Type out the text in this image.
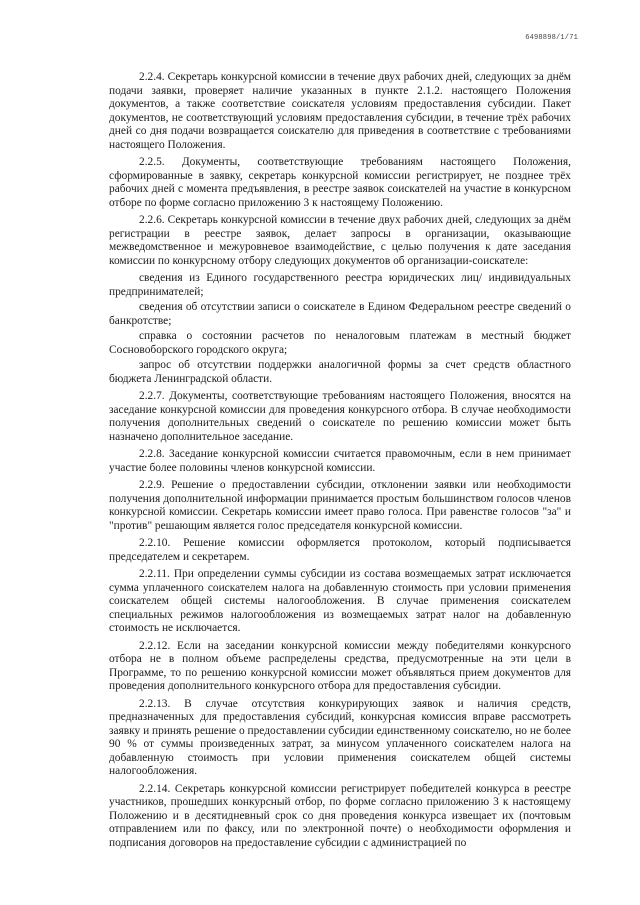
6498898/1/71

2.2.4. Секретарь конкурсной комиссии в течение двух рабочих дней, следующих за днём подачи заявки, проверяет наличие указанных в пункте 2.1.2. настоящего Положения документов, а также соответствие соискателя условиям предоставления субсидии. Пакет документов, не соответствующий условиям предоставления субсидии, в течение трёх рабочих дней со дня подачи возвращается соискателю для приведения в соответствие с требованиями настоящего Положения.

2.2.5. Документы, соответствующие требованиям настоящего Положения, сформированные в заявку, секретарь конкурсной комиссии регистрирует, не позднее трёх рабочих дней с момента предъявления, в реестре заявок соискателей на участие в конкурсном отборе по форме согласно приложению 3 к настоящему Положению.

2.2.6. Секретарь конкурсной комиссии в течение двух рабочих дней, следующих за днём регистрации в реестре заявок, делает запросы в организации, оказывающие межведомственное и межуровневое взаимодействие, с целью получения к дате заседания комиссии по конкурсному отбору следующих документов об организации-соискателе:

сведения из Единого государственного реестра юридических лиц/ индивидуальных предпринимателей;

сведения об отсутствии записи о соискателе в Едином Федеральном реестре сведений о банкротстве;

справка о состоянии расчетов по неналоговым платежам в местный бюджет Сосновоборского городского округа;

запрос об отсутствии поддержки аналогичной формы за счет средств областного бюджета Ленинградской области.

2.2.7. Документы, соответствующие требованиям настоящего Положения, вносятся на заседание конкурсной комиссии для проведения конкурсного отбора. В случае необходимости получения дополнительных сведений о соискателе по решению комиссии может быть назначено дополнительное заседание.

2.2.8. Заседание конкурсной комиссии считается правомочным, если в нем принимает участие более половины членов конкурсной комиссии.

2.2.9. Решение о предоставлении субсидии, отклонении заявки или необходимости получения дополнительной информации принимается простым большинством голосов членов конкурсной комиссии. Секретарь комиссии имеет право голоса. При равенстве голосов "за" и "против" решающим является голос председателя конкурсной комиссии.

2.2.10. Решение комиссии оформляется протоколом, который подписывается председателем и секретарем.

2.2.11. При определении суммы субсидии из состава возмещаемых затрат исключается сумма уплаченного соискателем налога на добавленную стоимость при условии применения соискателем общей системы налогообложения. В случае применения соискателем специальных режимов налогообложения из возмещаемых затрат налог на добавленную стоимость не исключается.

2.2.12. Если на заседании конкурсной комиссии между победителями конкурсного отбора не в полном объеме распределены средства, предусмотренные на эти цели в Программе, то по решению конкурсной комиссии может объявляться прием документов для проведения дополнительного конкурсного отбора для предоставления субсидии.

2.2.13. В случае отсутствия конкурирующих заявок и наличия средств, предназначенных для предоставления субсидий, конкурсная комиссия вправе рассмотреть заявку и принять решение о предоставлении субсидии единственному соискателю, но не более 90 % от суммы произведенных затрат, за минусом уплаченного соискателем налога на добавленную стоимость при условии применения соискателем общей системы налогообложения.

2.2.14. Секретарь конкурсной комиссии регистрирует победителей конкурса в реестре участников, прошедших конкурсный отбор, по форме согласно приложению 3 к настоящему Положению и в десятидневный срок со дня проведения конкурса извещает их (почтовым отправлением или по факсу, или по электронной почте) о необходимости оформления и подписания договоров на предоставление субсидии с администрацией по
